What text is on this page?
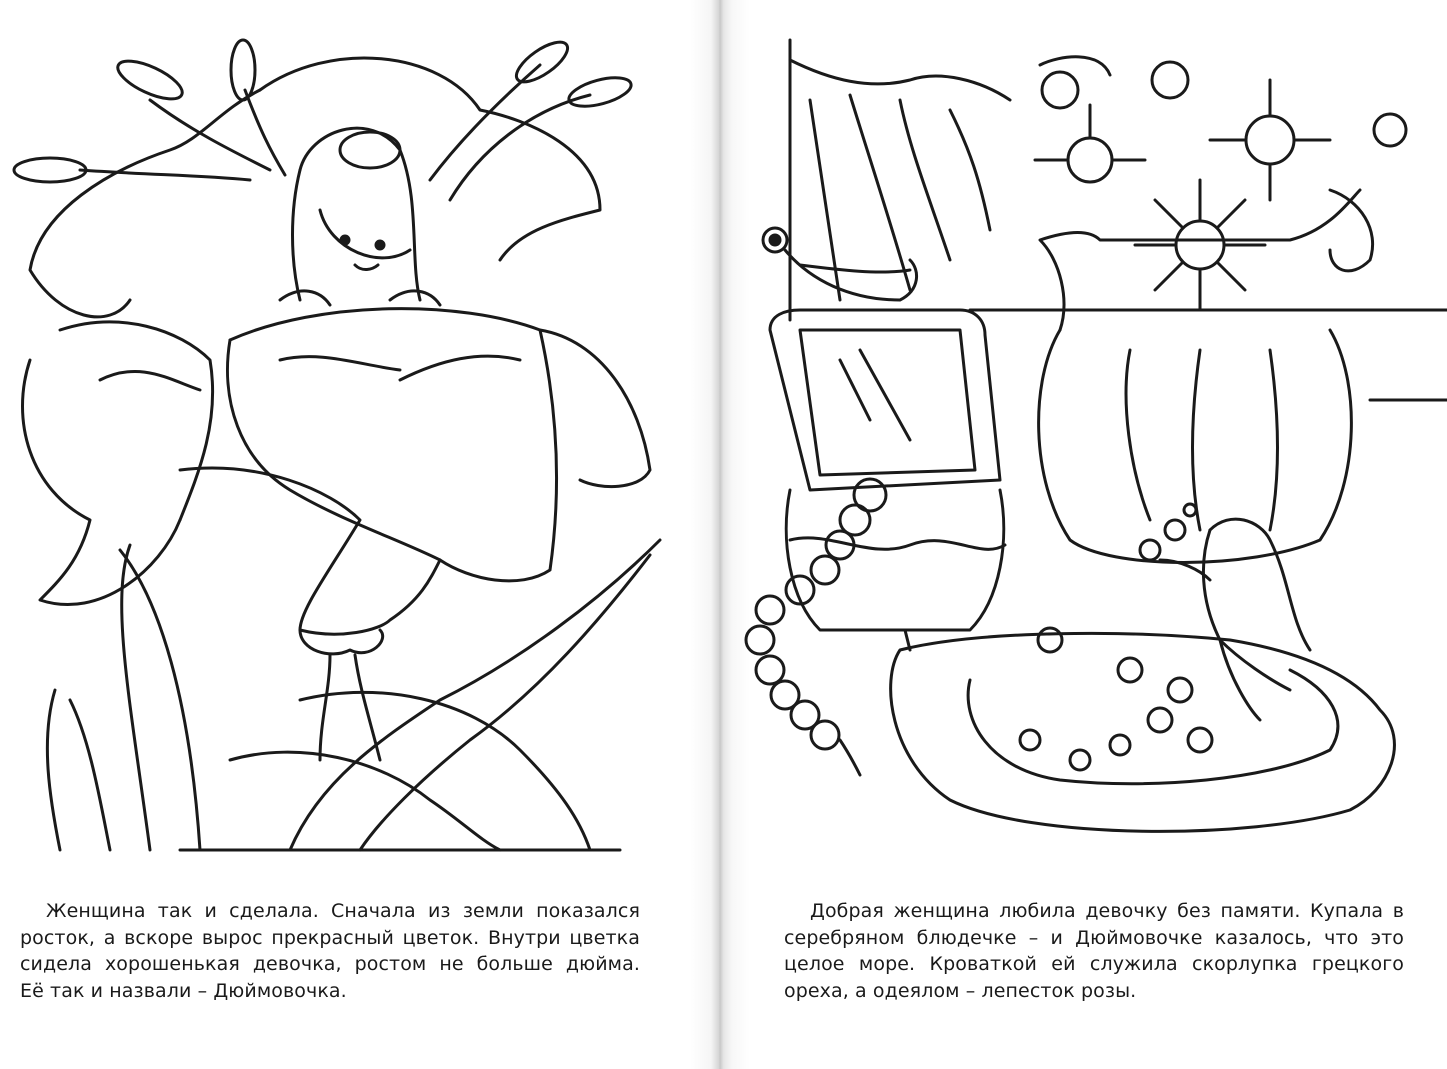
Женщина так и сделала. Сначала из земли показался
росток, а вскоре вырос прекрасный цветок. Внутри цветка
сидела хорошенькая девочка, ростом не больше дюйма.
Её так и назвали – Дюймовочка.
Добрая женщина любила девочку без памяти. Купала в
серебряном блюдечке – и Дюймовочке казалось, что это
целое море. Кроваткой ей служила скорлупка грецкого
ореха, а одеялом – лепесток розы.
